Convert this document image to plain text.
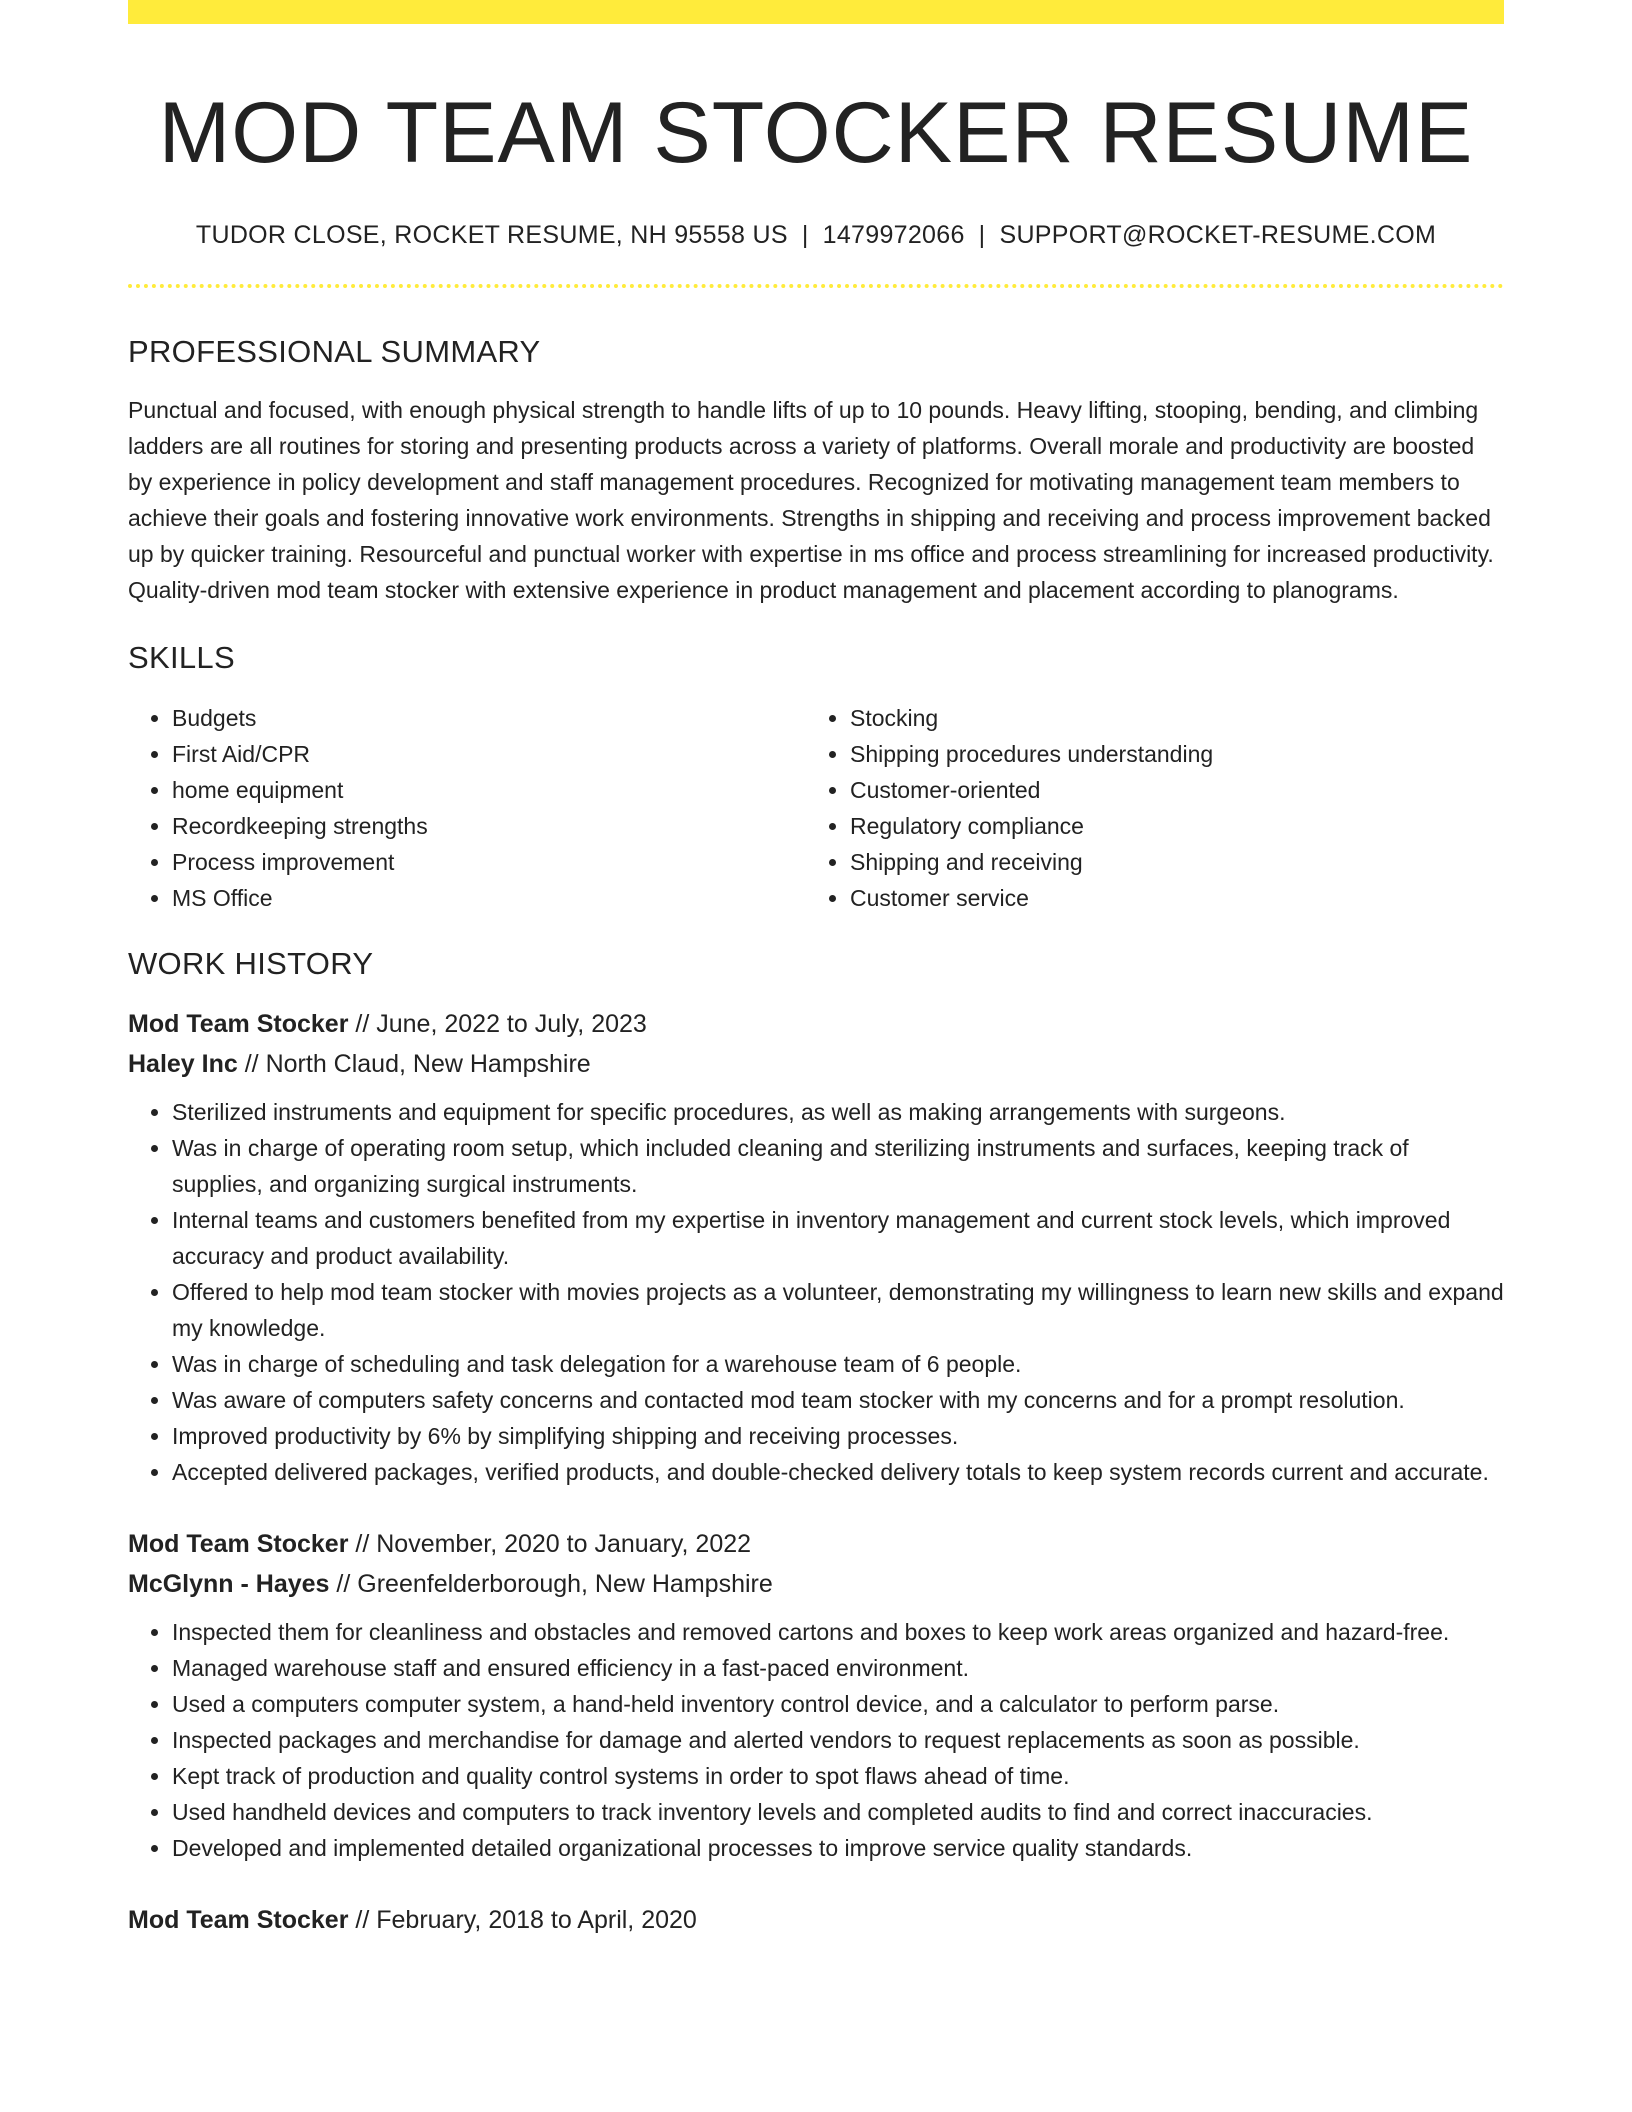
MOD TEAM STOCKER RESUME
TUDOR CLOSE, ROCKET RESUME, NH 95558 US | 1479972066 | SUPPORT@ROCKET-RESUME.COM
PROFESSIONAL SUMMARY

Punctual and focused, with enough physical strength to handle lifts of up to 10 pounds. Heavy lifting, stooping, bending, and climbing ladders are all routines for storing and presenting products across a variety of platforms. Overall morale and productivity are boosted by experience in policy development and staff management procedures. Recognized for motivating management team members to achieve their goals and fostering innovative work environments. Strengths in shipping and receiving and process improvement backed up by quicker training. Resourceful and punctual worker with expertise in ms office and process streamlining for increased productivity. Quality-driven mod team stocker with extensive experience in product management and placement according to planograms.

SKILLS
• Budgets
• First Aid/CPR
• home equipment
• Recordkeeping strengths
• Process improvement
• MS Office
• Stocking
• Shipping procedures understanding
• Customer-oriented
• Regulatory compliance
• Shipping and receiving
• Customer service
WORK HISTORY
Mod Team Stocker // June, 2022 to July, 2023
Haley Inc // North Claud, New Hampshire
• Sterilized instruments and equipment for specific procedures, as well as making arrangements with surgeons.
• Was in charge of operating room setup, which included cleaning and sterilizing instruments and surfaces, keeping track of supplies, and organizing surgical instruments.
• Internal teams and customers benefited from my expertise in inventory management and current stock levels, which improved accuracy and product availability.
• Offered to help mod team stocker with movies projects as a volunteer, demonstrating my willingness to learn new skills and expand my knowledge.
• Was in charge of scheduling and task delegation for a warehouse team of 6 people.
• Was aware of computers safety concerns and contacted mod team stocker with my concerns and for a prompt resolution.
• Improved productivity by 6% by simplifying shipping and receiving processes.
• Accepted delivered packages, verified products, and double-checked delivery totals to keep system records current and accurate.
Mod Team Stocker // November, 2020 to January, 2022
McGlynn - Hayes // Greenfelderborough, New Hampshire
• Inspected them for cleanliness and obstacles and removed cartons and boxes to keep work areas organized and hazard-free.
• Managed warehouse staff and ensured efficiency in a fast-paced environment.
• Used a computers computer system, a hand-held inventory control device, and a calculator to perform parse.
• Inspected packages and merchandise for damage and alerted vendors to request replacements as soon as possible.
• Kept track of production and quality control systems in order to spot flaws ahead of time.
• Used handheld devices and computers to track inventory levels and completed audits to find and correct inaccuracies.
• Developed and implemented detailed organizational processes to improve service quality standards.
Mod Team Stocker // February, 2018 to April, 2020
